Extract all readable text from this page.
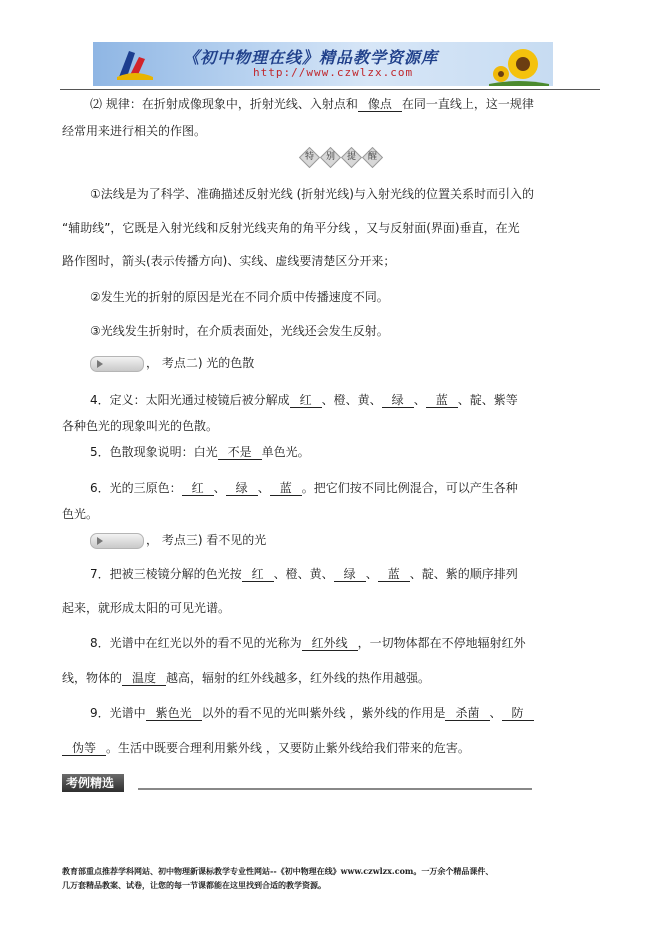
《初中物理在线》精品教学资源库
http://www.czwlzx.com
⑵ 规律：在折射成像现象中，折射光线、入射点和 像点 在同一直线上，这一规律
经常用来进行相关的作图。
特	别	提	醒
①法线是为了科学、准确描述反射光线 (折射光线)与入射光线的位置关系时而引入的
“辅助线”，它既是入射光线和反射光线夹角的角平分线 ，又与反射面(界面)垂直，在光
路作图时，箭头(表示传播方向)、实线、虚线要清楚区分开来；
②发生光的折射的原因是光在不同介质中传播速度不同。
③光线发生折射时，在介质表面处，光线还会发生反射。
， 考点二) 光的色散
4．定义：太阳光通过棱镜后被分解成 红 、橙、黄、 绿 、 蓝 、靛、紫等
各种色光的现象叫光的色散。
5．色散现象说明：白光 不是 单色光。
6．光的三原色： 红 、 绿 、 蓝 。把它们按不同比例混合，可以产生各种
色光。
， 考点三) 看不见的光
7．把被三棱镜分解的色光按 红 、橙、黄、 绿 、 蓝 、靛、紫的顺序排列
起来，就形成太阳的可见光谱。
8．光谱中在红光以外的看不见的光称为 红外线 ，一切物体都在不停地辐射红外
线，物体的 温度 越高，辐射的红外线越多，红外线的热作用越强。
9．光谱中 紫色光 以外的看不见的光叫紫外线 ，紫外线的作用是 杀菌 、 防
伪等 。生活中既要合理利用紫外线 ，又要防止紫外线给我们带来的危害。
考例精选
教育部重点推荐学科网站、初中物理新课标教学专业性网站--《初中物理在线》www.czwlzx.com。一万余个精品课件、
几万套精品教案、试卷，让您的每一节课都能在这里找到合适的教学资源。
